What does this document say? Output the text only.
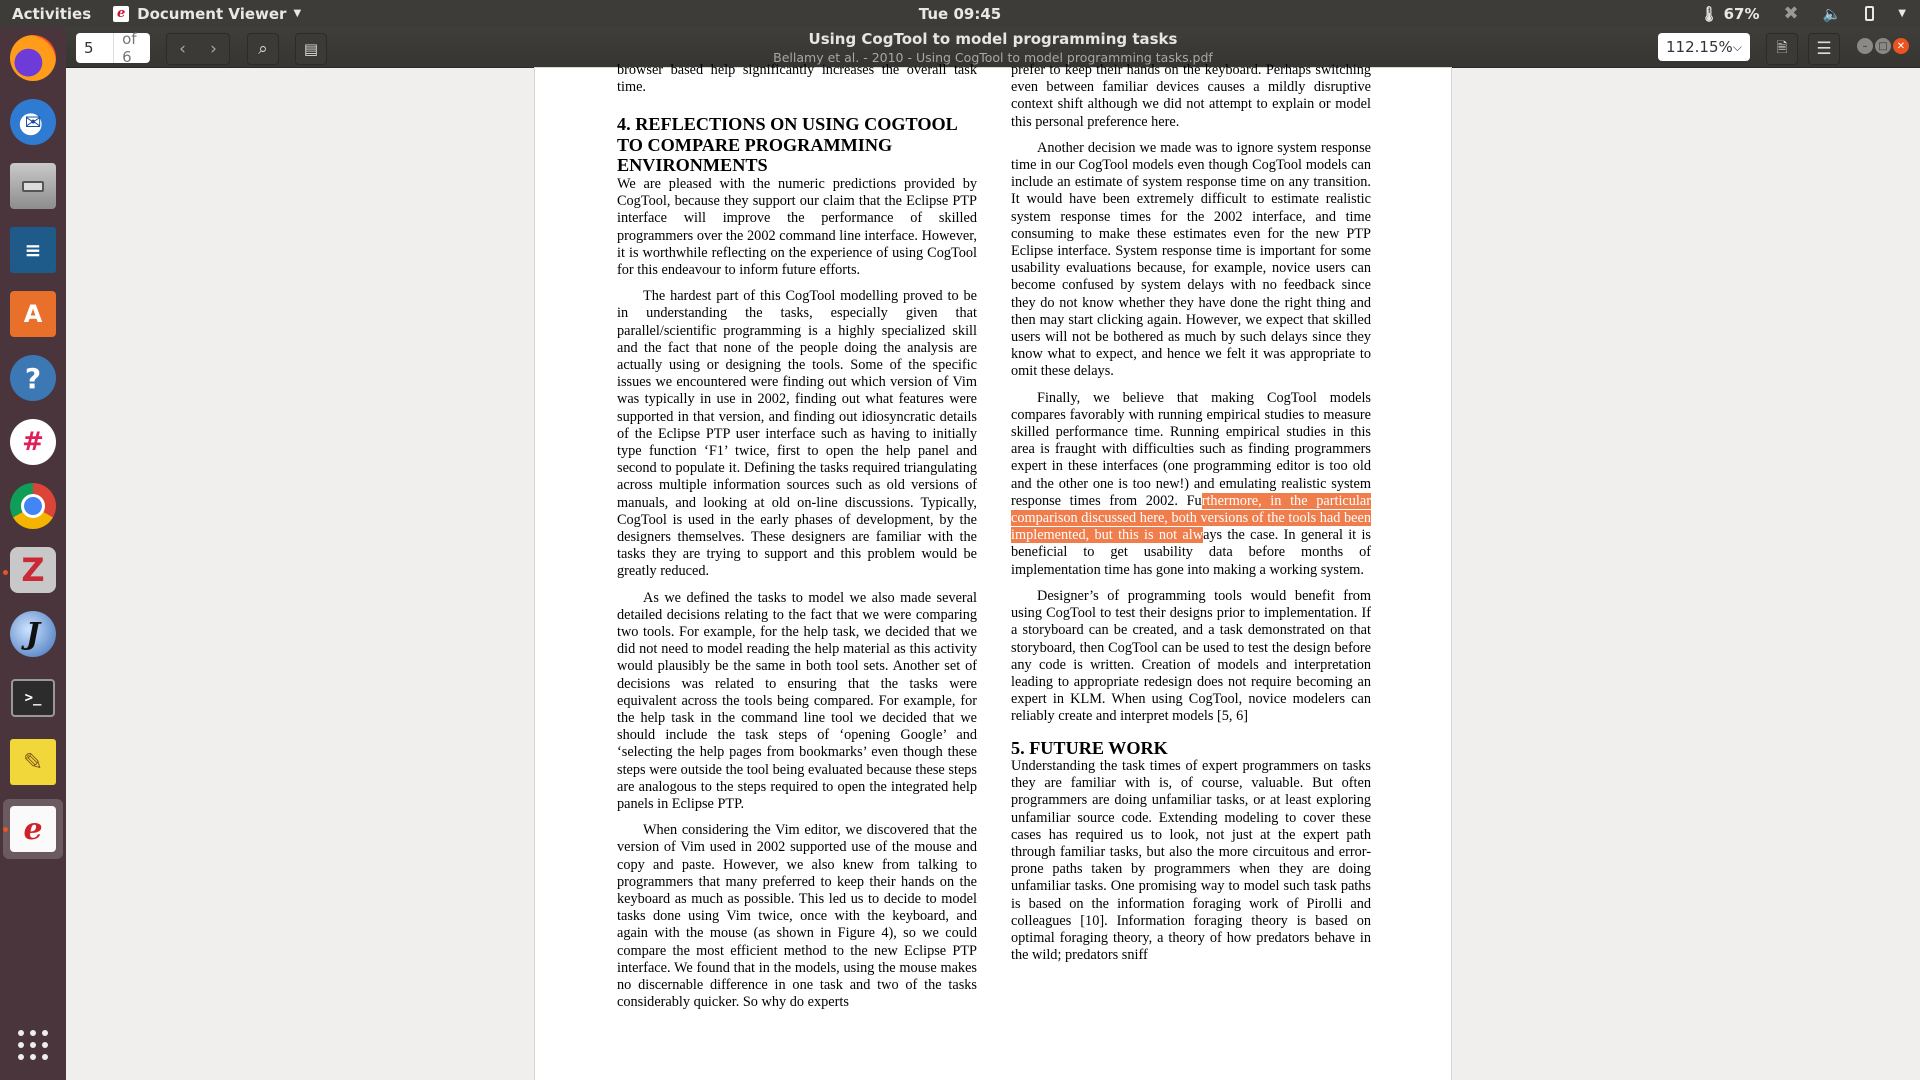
Activities e Document Viewer ▼	Tue 09:45	🌡 67% ✖ 🔈	▼
✉
≡
A
?
#
Z
J
>_
✎
e
5	of 6	‹	›	⌕ ▤
Using CogTool to model programming tasks
Bellamy et al. - 2010 - Using CogTool to model programming tasks.pdf
112.15% ⌵ 🗎 ☰	– □ ✕

browser based help significantly increases the overall task time.

4. REFLECTIONS ON USING COGTOOL TO COMPARE PROGRAMMING ENVIRONMENTS

We are pleased with the numeric predictions provided by CogTool, because they support our claim that the Eclipse PTP interface will improve the performance of skilled programmers over the 2002 command line interface. However, it is worthwhile reflecting on the experience of using CogTool for this endeavour to inform future efforts.

The hardest part of this CogTool modelling proved to be in understanding the tasks, especially given that parallel/scientific programming is a highly specialized skill and the fact that none of the people doing the analysis are actually using or designing the tools. Some of the specific issues we encountered were finding out which version of Vim was typically in use in 2002, finding out what features were supported in that version, and finding out idiosyncratic details of the Eclipse PTP user interface such as having to initially type function ‘F1’ twice, first to open the help panel and second to populate it. Defining the tasks required triangulating across multiple information sources such as old versions of manuals, and looking at old on-line discussions. Typically, CogTool is used in the early phases of development, by the designers themselves. These designers are familiar with the tasks they are trying to support and this problem would be greatly reduced.

As we defined the tasks to model we also made several detailed decisions relating to the fact that we were comparing two tools. For example, for the help task, we decided that we did not need to model reading the help material as this activity would plausibly be the same in both tool sets. Another set of decisions was related to ensuring that the tasks were equivalent across the tools being compared. For example, for the help task in the command line tool we decided that we should include the task steps of ‘opening Google’ and ‘selecting the help pages from bookmarks’ even though these steps were outside the tool being evaluated because these steps are analogous to the steps required to open the integrated help panels in Eclipse PTP.

When considering the Vim editor, we discovered that the version of Vim used in 2002 supported use of the mouse and copy and paste. However, we also knew from talking to programmers that many preferred to keep their hands on the keyboard as much as possible. This led us to decide to model tasks done using Vim twice, once with the keyboard, and again with the mouse (as shown in Figure 4), so we could compare the most efficient method to the new Eclipse PTP interface. We found that in the models, using the mouse makes no discernable difference in one task and two of the tasks considerably quicker. So why do experts

prefer to keep their hands on the keyboard. Perhaps switching even between familiar devices causes a mildly disruptive context shift although we did not attempt to explain or model this personal preference here.

Another decision we made was to ignore system response time in our CogTool models even though CogTool models can include an estimate of system response time on any transition. It would have been extremely difficult to estimate realistic system response times for the 2002 interface, and time consuming to make these estimates even for the new PTP Eclipse interface. System response time is important for some usability evaluations because, for example, novice users can become confused by system delays with no feedback since they do not know whether they have done the right thing and then may start clicking again. However, we expect that skilled users will not be bothered as much by such delays since they know what to expect, and hence we felt it was appropriate to omit these delays.

Finally, we believe that making CogTool models compares favorably with running empirical studies to measure skilled performance time. Running empirical studies in this area is fraught with difficulties such as finding programmers expert in these interfaces (one programming editor is too old and the other one is too new!) and emulating realistic system response times from 2002. Furthermore, in the particular comparison discussed here, both versions of the tools had been implemented, but this is not always the case. In general it is beneficial to get usability data before months of implementation time has gone into making a working system.

Designer’s of programming tools would benefit from using CogTool to test their designs prior to implementation. If a storyboard can be created, and a task demonstrated on that storyboard, then CogTool can be used to test the design before any code is written. Creation of models and interpretation leading to appropriate redesign does not require becoming an expert in KLM. When using CogTool, novice modelers can reliably create and interpret models [5, 6]

5. FUTURE WORK

Understanding the task times of expert programmers on tasks they are familiar with is, of course, valuable. But often programmers are doing unfamiliar tasks, or at least exploring unfamiliar source code. Extending modeling to cover these cases has required us to look, not just at the expert path through familiar tasks, but also the more circuitous and error-prone paths taken by programmers when they are doing unfamiliar tasks. One promising way to model such task paths is based on the information foraging work of Pirolli and colleagues [10]. Information foraging theory is based on optimal foraging theory, a theory of how predators behave in the wild; predators sniff
